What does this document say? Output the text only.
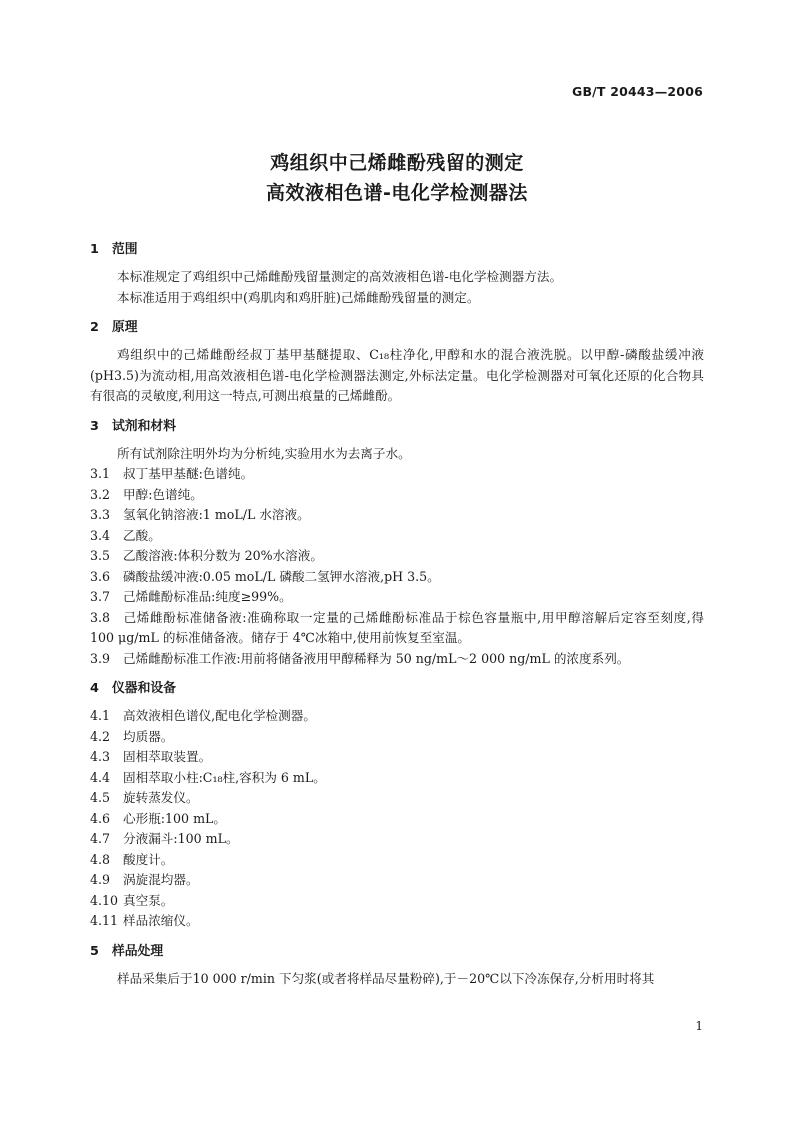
GB/T 20443—2006
鸡组织中己烯雌酚残留的测定
高效液相色谱-电化学检测器法
1 范围

本标准规定了鸡组织中己烯雌酚残留量测定的高效液相色谱-电化学检测器方法。

本标准适用于鸡组织中(鸡肌肉和鸡肝脏)己烯雌酚残留量的测定。

2 原理

鸡组织中的己烯雌酚经叔丁基甲基醚提取、C₁₈柱净化,甲醇和水的混合液洗脱。以甲醇-磷酸盐缓冲液(pH3.5)为流动相,用高效液相色谱-电化学检测器法测定,外标法定量。电化学检测器对可氧化还原的化合物具有很高的灵敏度,利用这一特点,可测出痕量的己烯雌酚。

3 试剂和材料

所有试剂除注明外均为分析纯,实验用水为去离子水。

3.1 叔丁基甲基醚:色谱纯。

3.2 甲醇:色谱纯。

3.3 氢氧化钠溶液:1 moL/L 水溶液。

3.4 乙酸。

3.5 乙酸溶液:体积分数为 20%水溶液。

3.6 磷酸盐缓冲液:0.05 moL/L 磷酸二氢钾水溶液,pH 3.5。

3.7 己烯雌酚标准品:纯度≥99%。

3.8 己烯雌酚标准储备液:准确称取一定量的己烯雌酚标准品于棕色容量瓶中,用甲醇溶解后定容至刻度,得 100 μg/mL 的标准储备液。储存于 4℃冰箱中,使用前恢复至室温。

3.9 己烯雌酚标准工作液:用前将储备液用甲醇稀释为 50 ng/mL～2 000 ng/mL 的浓度系列。

4 仪器和设备

4.1 高效液相色谱仪,配电化学检测器。

4.2 均质器。

4.3 固相萃取装置。

4.4 固相萃取小柱:C₁₈柱,容积为 6 mL。

4.5 旋转蒸发仪。

4.6 心形瓶:100 mL。

4.7 分液漏斗:100 mL。

4.8 酸度计。

4.9 涡旋混均器。

4.10 真空泵。

4.11 样品浓缩仪。

5 样品处理

样品采集后于10 000 r/min 下匀浆(或者将样品尽量粉碎),于－20℃以下冷冻保存,分析用时将其

1
